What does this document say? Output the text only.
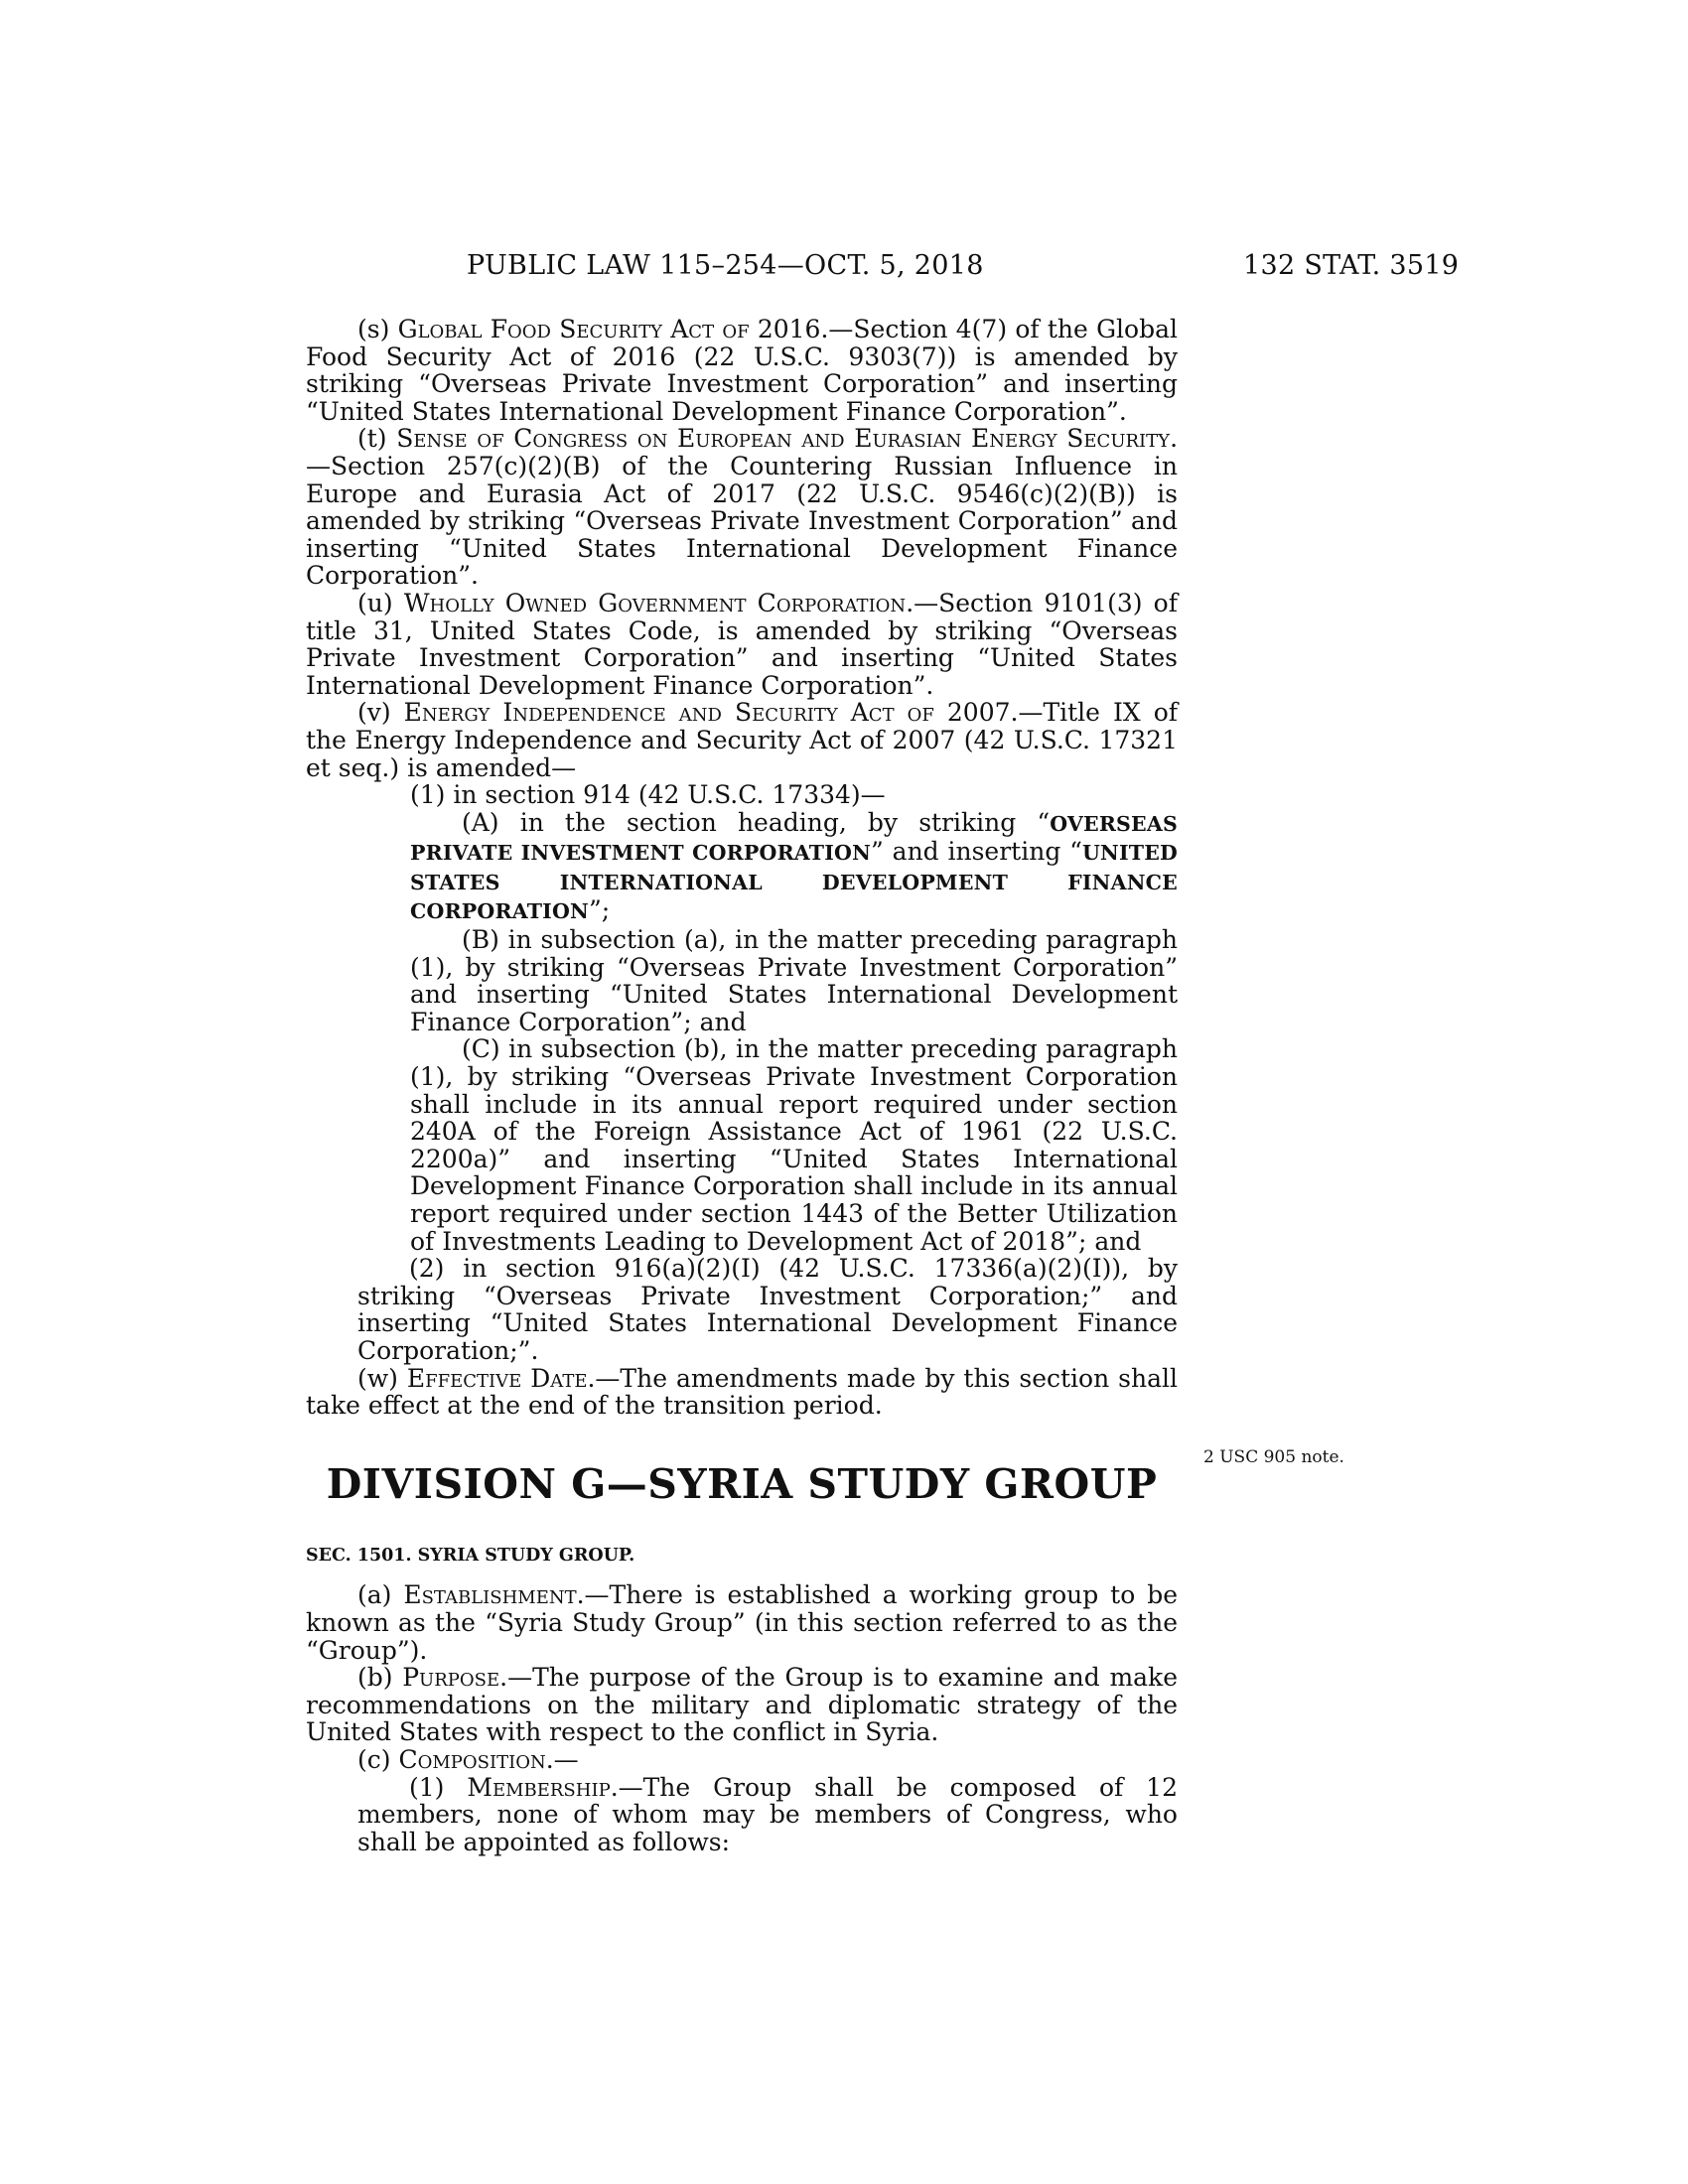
PUBLIC LAW 115–254—OCT. 5, 2018	132 STAT. 3519
2 USC 905 note.

(s) Global Food Security Act of 2016.—Section 4(7) of the Global Food Security Act of 2016 (22 U.S.C. 9303(7)) is amended by striking “Overseas Private Investment Corporation” and inserting “United States International Development Finance Corporation”.

(t) Sense of Congress on European and Eurasian Energy Security.—Section 257(c)(2)(B) of the Countering Russian Influence in Europe and Eurasia Act of 2017 (22 U.S.C. 9546(c)(2)(B)) is amended by striking “Overseas Private Investment Corporation” and inserting “United States International Development Finance Corporation”.

(u) Wholly Owned Government Corporation.—Section 9101(3) of title 31, United States Code, is amended by striking “Overseas Private Investment Corporation” and inserting “United States International Development Finance Corporation”.

(v) Energy Independence and Security Act of 2007.—Title IX of the Energy Independence and Security Act of 2007 (42 U.S.C. 17321 et seq.) is amended—

(1) in section 914 (42 U.S.C. 17334)—

(A) in the section heading, by striking “OVERSEAS PRIVATE INVESTMENT CORPORATION” and inserting “UNITED STATES INTERNATIONAL DEVELOPMENT FINANCE CORPORATION”;

(B) in subsection (a), in the matter preceding paragraph (1), by striking “Overseas Private Investment Corporation” and inserting “United States International Development Finance Corporation”; and

(C) in subsection (b), in the matter preceding paragraph (1), by striking “Overseas Private Investment Corporation shall include in its annual report required under section 240A of the Foreign Assistance Act of 1961 (22 U.S.C. 2200a)” and inserting “United States International Development Finance Corporation shall include in its annual report required under section 1443 of the Better Utilization of Investments Leading to Development Act of 2018”; and

(2) in section 916(a)(2)(I) (42 U.S.C. 17336(a)(2)(I)), by striking “Overseas Private Investment Corporation;” and inserting “United States International Development Finance Corporation;”.

(w) Effective Date.—The amendments made by this section shall take effect at the end of the transition period.

DIVISION G—SYRIA STUDY GROUP
SEC. 1501. SYRIA STUDY GROUP.

(a) Establishment.—There is established a working group to be known as the “Syria Study Group” (in this section referred to as the “Group”).

(b) Purpose.—The purpose of the Group is to examine and make recommendations on the military and diplomatic strategy of the United States with respect to the conflict in Syria.

(c) Composition.—

(1) Membership.—The Group shall be composed of 12 members, none of whom may be members of Congress, who shall be appointed as follows:
